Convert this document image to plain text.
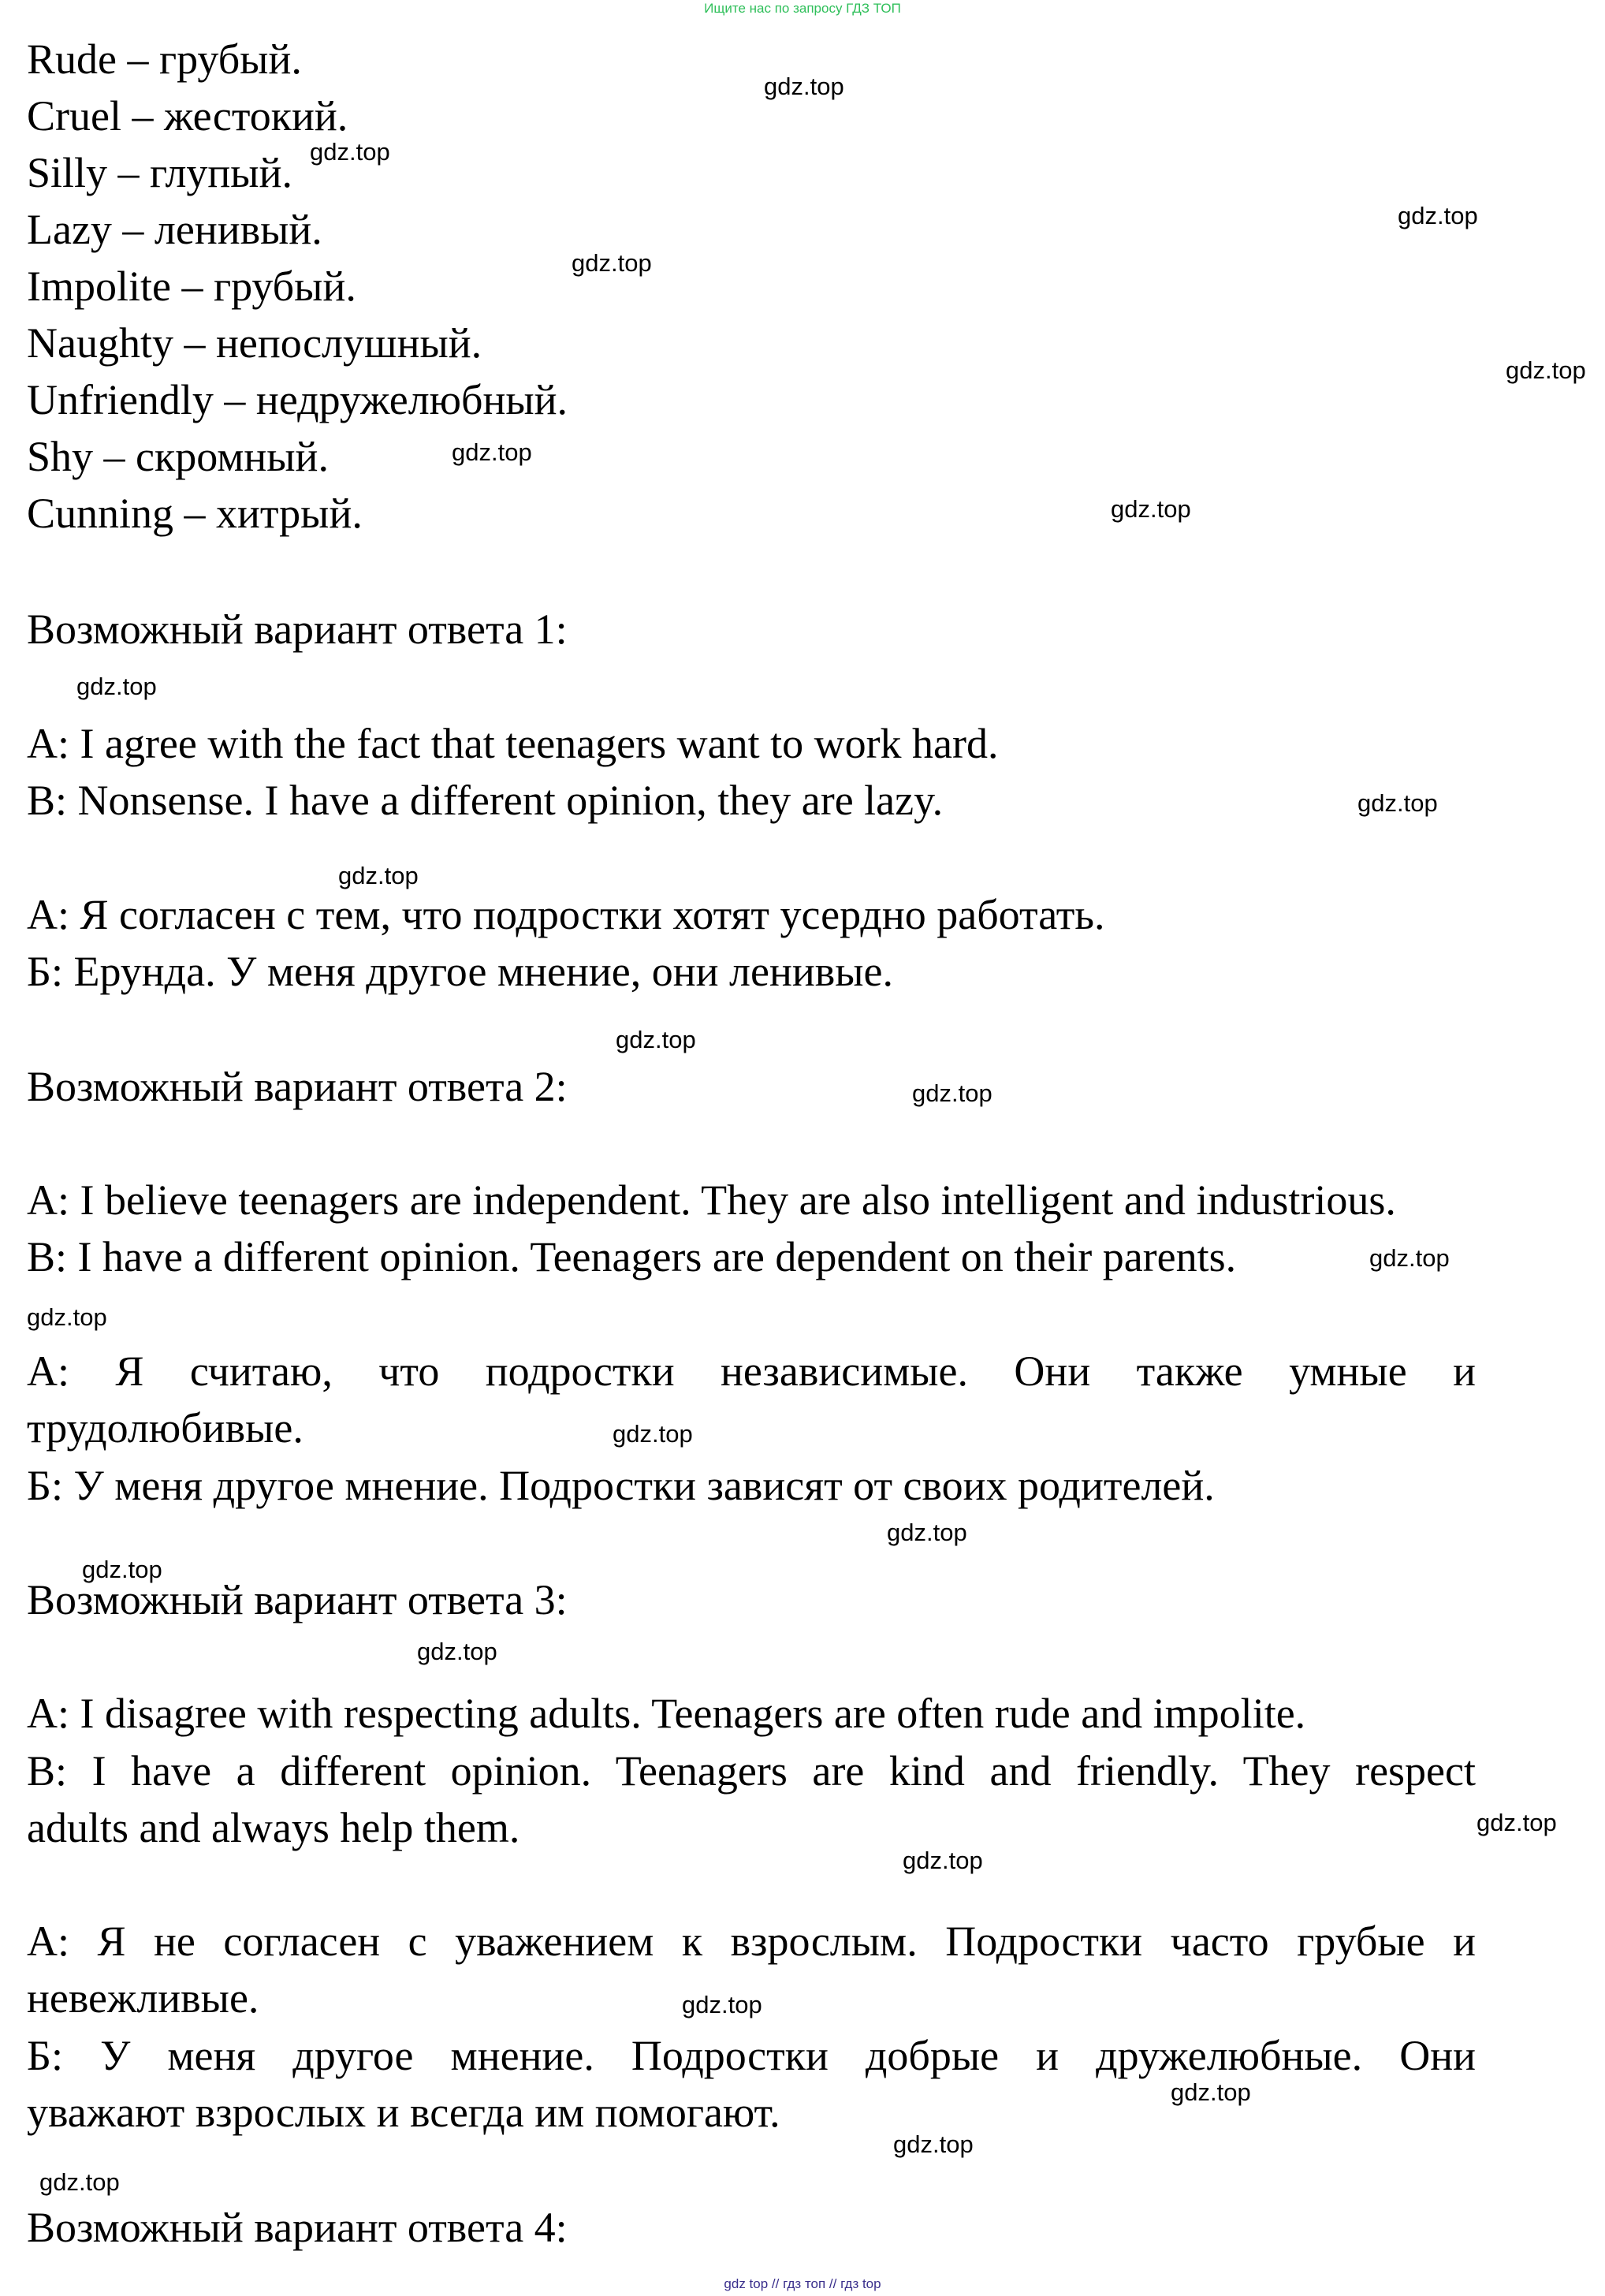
Ищите нас по запросу ГДЗ ТОП
Rude – грубый.
Cruel – жестокий.
Silly – глупый.
Lazy – ленивый.
Impolite – грубый.
Naughty – непослушный.
Unfriendly – недружелюбный.
Shy – скромный.
Cunning – хитрый.
Возможный вариант ответа 1:
A: I agree with the fact that teenagers want to work hard.
B: Nonsense. I have a different opinion, they are lazy.
А: Я согласен с тем, что подростки хотят усердно работать.
Б: Ерунда. У меня другое мнение, они ленивые.
Возможный вариант ответа 2:
A: I believe teenagers are independent. They are also intelligent and industrious.
B: I have a different opinion. Teenagers are dependent on their parents.
А: Я считаю, что подростки независимые. Они также умные и
трудолюбивые.
Б: У меня другое мнение. Подростки зависят от своих родителей.
Возможный вариант ответа 3:
A: I disagree with respecting adults. Teenagers are often rude and impolite.
B: I have a different opinion. Teenagers are kind and friendly. They respect
adults and always help them.
А: Я не согласен с уважением к взрослым. Подростки часто грубые и
невежливые.
Б: У меня другое мнение. Подростки добрые и дружелюбные. Они
уважают взрослых и всегда им помогают.
Возможный вариант ответа 4:
gdz.top
gdz.top
gdz.top
gdz.top
gdz.top
gdz.top
gdz.top
gdz.top
gdz.top
gdz.top
gdz.top
gdz.top
gdz.top
gdz.top
gdz.top
gdz.top
gdz.top
gdz.top
gdz.top
gdz.top
gdz.top
gdz.top
gdz.top
gdz.top
gdz top // гдз топ // гдз top
